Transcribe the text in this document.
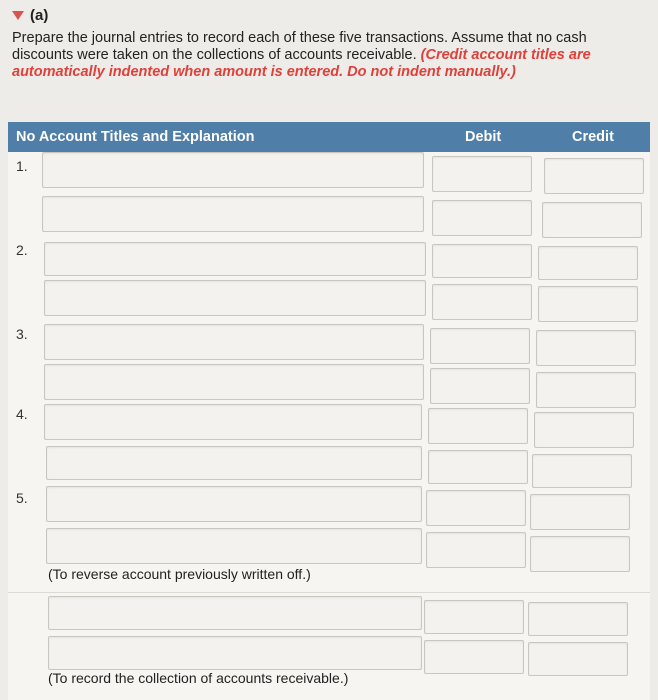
(a)
Prepare the journal entries to record each of these five transactions. Assume that no cash discounts were taken on the collections of accounts receivable. (Credit account titles are automatically indented when amount is entered. Do not indent manually.)
No Account Titles and Explanation	Debit	Credit
1.
2.
3.
4.
5.
(To reverse account previously written off.)
(To record the collection of accounts receivable.)
